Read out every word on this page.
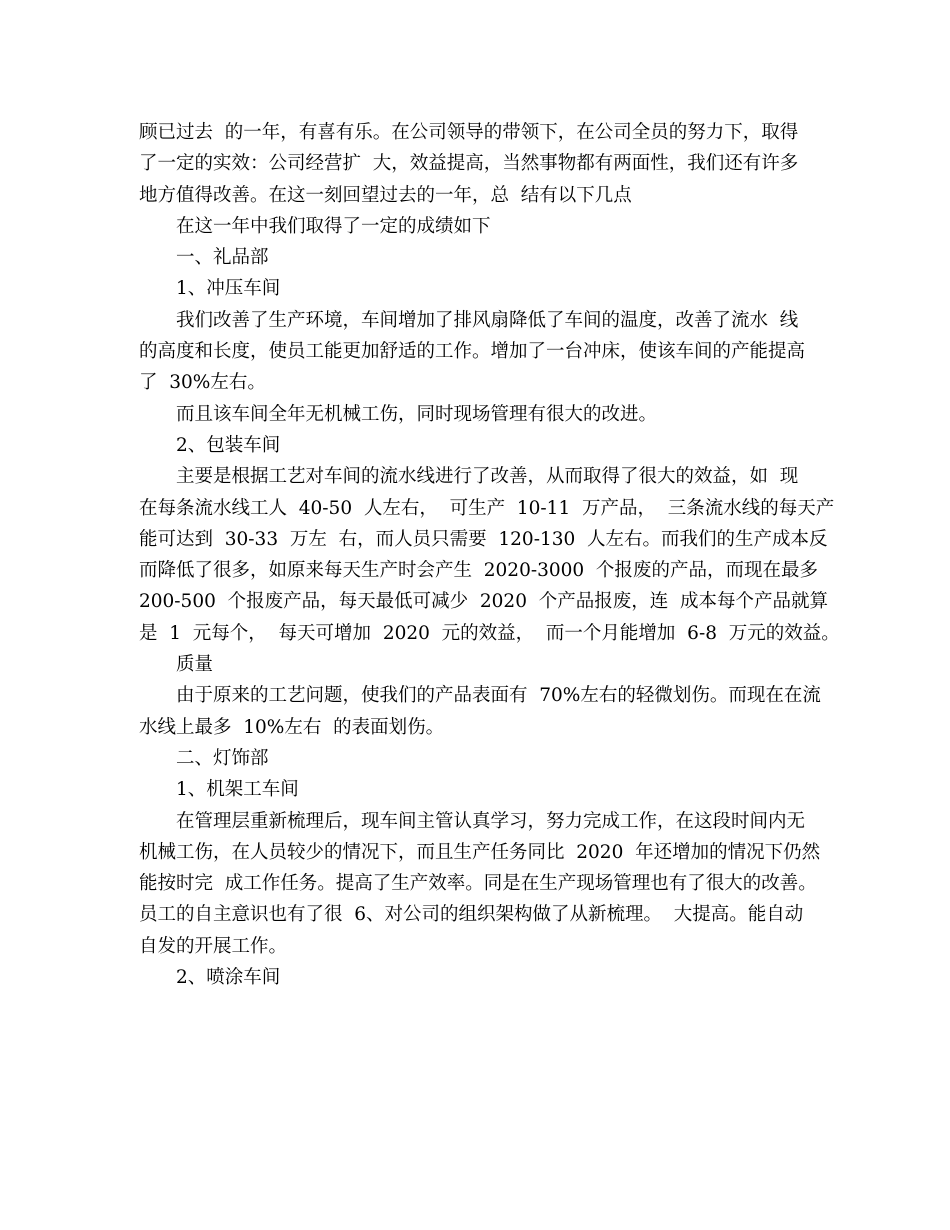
顾已过去  的一年，有喜有乐。在公司领导的带领下，在公司全员的努力下，取得
了一定的实效：公司经营扩  大，效益提高，当然事物都有两面性，我们还有许多
地方值得改善。在这一刻回望过去的一年，总  结有以下几点
在这一年中我们取得了一定的成绩如下
一、礼品部
1、冲压车间
我们改善了生产环境，车间增加了排风扇降低了车间的温度，改善了流水  线
的高度和长度，使员工能更加舒适的工作。增加了一台冲床，使该车间的产能提高
了  30%左右。
而且该车间全年无机械工伤，同时现场管理有很大的改进。
2、包装车间
主要是根据工艺对车间的流水线进行了改善，从而取得了很大的效益，如  现
在每条流水线工人  40-50  人左右，  可生产  10-11  万产品，  三条流水线的每天产
能可达到  30-33  万左  右，而人员只需要  120-130  人左右。而我们的生产成本反
而降低了很多，如原来每天生产时会产生  2020-3000  个报废的产品，而现在最多
200-500  个报废产品，每天最低可减少  2020  个产品报废，连  成本每个产品就算
是  1  元每个，  每天可增加  2020  元的效益，  而一个月能增加  6-8  万元的效益。
质量
由于原来的工艺问题，使我们的产品表面有  70%左右的轻微划伤。而现在在流
水线上最多  10%左右  的表面划伤。
二、灯饰部
1、机架工车间
在管理层重新梳理后，现车间主管认真学习，努力完成工作，在这段时间内无
机械工伤，在人员较少的情况下，而且生产任务同比  2020  年还增加的情况下仍然
能按时完  成工作任务。提高了生产效率。同是在生产现场管理也有了很大的改善。
员工的自主意识也有了很  6、对公司的组织架构做了从新梳理。  大提高。能自动
自发的开展工作。
2、喷涂车间
